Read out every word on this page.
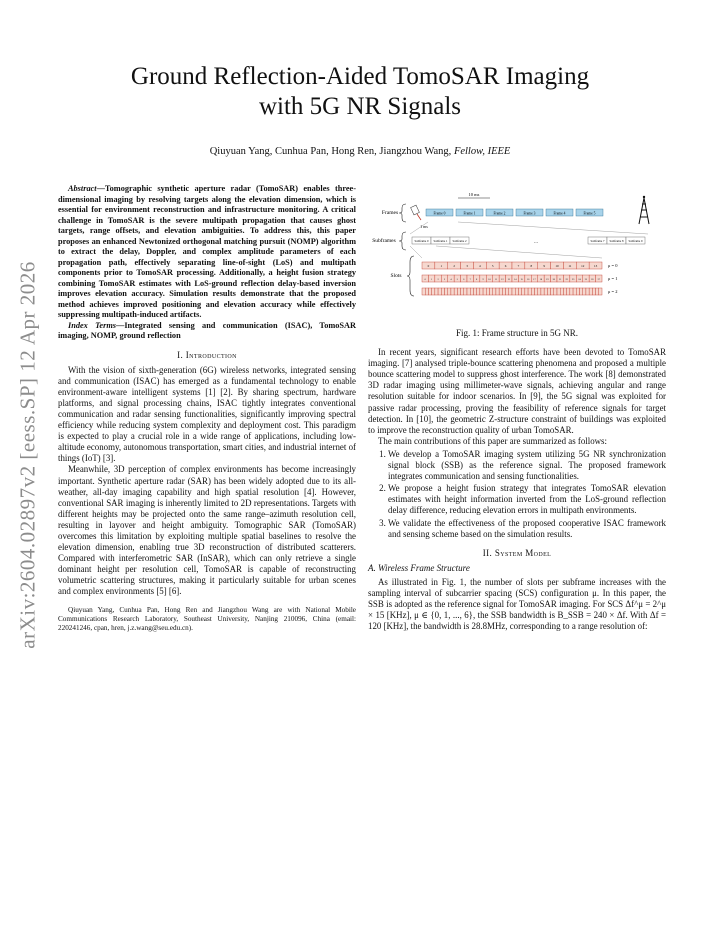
arXiv:2604.02897v2 [eess.SP] 12 Apr 2026
Ground Reflection-Aided TomoSAR Imaging
with 5G NR Signals
Qiuyuan Yang, Cunhua Pan, Hong Ren, Jiangzhou Wang, Fellow, IEEE

Abstract—Tomographic synthetic aperture radar (TomoSAR) enables three-dimensional imaging by resolving targets along the elevation dimension, which is essential for environment reconstruction and infrastructure monitoring. A critical challenge in TomoSAR is the severe multipath propagation that causes ghost targets, range offsets, and elevation ambiguities. To address this, this paper proposes an enhanced Newtonized orthogonal matching pursuit (NOMP) algorithm to extract the delay, Doppler, and complex amplitude parameters of each propagation path, effectively separating line-of-sight (LoS) and multipath components prior to TomoSAR processing. Additionally, a height fusion strategy combining TomoSAR estimates with LoS-ground reflection delay-based inversion improves elevation accuracy. Simulation results demonstrate that the proposed method achieves improved positioning and elevation accuracy while effectively suppressing multipath-induced artifacts.

Index Terms—Integrated sensing and communication (ISAC), TomoSAR imaging, NOMP, ground reflection

I. Introduction

With the vision of sixth-generation (6G) wireless networks, integrated sensing and communication (ISAC) has emerged as a fundamental technology to enable environment-aware intelligent systems [1] [2]. By sharing spectrum, hardware platforms, and signal processing chains, ISAC tightly integrates conventional communication and radar sensing functionalities, significantly improving spectral efficiency while reducing system complexity and deployment cost. This paradigm is expected to play a crucial role in a wide range of applications, including low-altitude economy, autonomous transportation, smart cities, and industrial internet of things (IoT) [3].

Meanwhile, 3D perception of complex environments has become increasingly important. Synthetic aperture radar (SAR) has been widely adopted due to its all-weather, all-day imaging capability and high spatial resolution [4]. However, conventional SAR imaging is inherently limited to 2D representations. Targets with different heights may be projected onto the same range–azimuth resolution cell, resulting in layover and height ambiguity. Tomographic SAR (TomoSAR) overcomes this limitation by exploiting multiple spatial baselines to resolve the elevation dimension, enabling true 3D reconstruction of distributed scatterers. Compared with interferometric SAR (InSAR), which can only retrieve a single dominant height per resolution cell, TomoSAR is capable of reconstructing volumetric scattering structures, making it particularly suitable for urban scenes and complex environments [5] [6].

Qiuyuan Yang, Cunhua Pan, Hong Ren and Jiangzhou Wang are with National Mobile Communications Research Laboratory, Southeast University, Nanjing 210096, China (email: 220241246, cpan, hren, j.z.wang@seu.edu.cn).

Frames
Subframes
Slots
Frame 0	Frame 1	Frame 2	Frame 3	Frame 4	Frame 5
10 ms
Subframe 0 Subframe 1 Subframe 2	Subframe 7 Subframe 8 Subframe 9
...
1 ms
0	1	2	3	4	5	6	7	8	9	10	11	12	13
0	1	2	3	4	5	6	7	8	9	10	11	12	13	14	15	16	17	18	19	20	21	22	23	24	25	26	27
μ = 0
μ = 1
μ = 2
Fig. 1: Frame structure in 5G NR.

In recent years, significant research efforts have been devoted to TomoSAR imaging. [7] analysed triple-bounce scattering phenomena and proposed a multiple bounce scattering model to suppress ghost interference. The work [8] demonstrated 3D radar imaging using millimeter-wave signals, achieving angular and range resolution suitable for indoor scenarios. In [9], the 5G signal was exploited for passive radar processing, proving the feasibility of reference signals for target detection. In [10], the geometric Z-structure constraint of buildings was exploited to improve the reconstruction quality of urban TomoSAR.

The main contributions of this paper are summarized as follows:

1. We develop a TomoSAR imaging system utilizing 5G NR synchronization signal block (SSB) as the reference signal. The proposed framework integrates communication and sensing functionalities.
2. We propose a height fusion strategy that integrates TomoSAR elevation estimates with height information inverted from the LoS-ground reflection delay difference, reducing elevation errors in multipath environments.
3. We validate the effectiveness of the proposed cooperative ISAC framework and sensing scheme based on the simulation results.
II. System Model
A. Wireless Frame Structure

As illustrated in Fig. 1, the number of slots per subframe increases with the sampling interval of subcarrier spacing (SCS) configuration μ. In this paper, the SSB is adopted as the reference signal for TomoSAR imaging. For SCS Δf^μ = 2^μ × 15 [KHz], μ ∈ {0, 1, ..., 6}, the SSB bandwidth is B_SSB = 240 × Δf. With Δf = 120 [KHz], the bandwidth is 28.8MHz, corresponding to a range resolution of:
